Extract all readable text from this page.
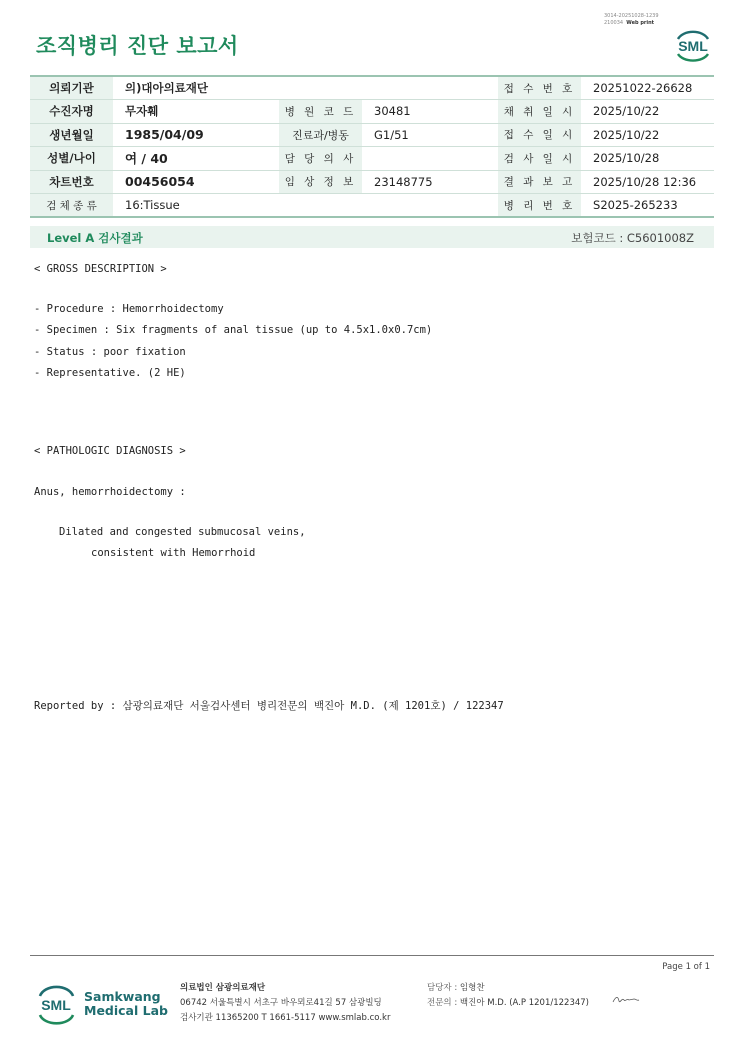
조직병리 진단 보고서
3014-20251028-1239
210034 Web print
SML
의뢰기관	의)대아의료재단			접 수 번 호	20251022-26628
수진자명	무자훼	병 원 코 드	30481	채 취 일 시	2025/10/22
생년월일	1985/04/09	진료과/병동	G1/51	접 수 일 시	2025/10/22
성별/나이	여 / 40	담 당 의 사		검 사 일 시	2025/10/28
차트번호	00456054	임 상 정 보	23148775	결 과 보 고	2025/10/28 12:36
검 체 종 류	16:Tissue			병 리 번 호	S2025-265233
Level A 검사결과	보험코드 : C5601008Z
< GROSS DESCRIPTION >
- Procedure : Hemorrhoidectomy
- Specimen : Six fragments of anal tissue (up to 4.5x1.0x0.7cm)
- Status : poor fixation
- Representative. (2 HE)
< PATHOLOGIC DIAGNOSIS >
Anus, hemorrhoidectomy :
Dilated and congested submucosal veins,
consistent with Hemorrhoid
Reported by : 삼광의료재단 서울검사센터 병리전문의 백진아 M.D. (제 1201호) / 122347
Page 1 of 1
SML
Samkwang
Medical Lab
의료법인 삼광의료재단
06742 서울특별시 서초구 바우뫼로41길 57 삼광빌딩
검사기관 11365200 T 1661-5117 www.smlab.co.kr
담당자 : 임형찬
전문의 : 백진아 M.D. (A.P 1201/122347)
